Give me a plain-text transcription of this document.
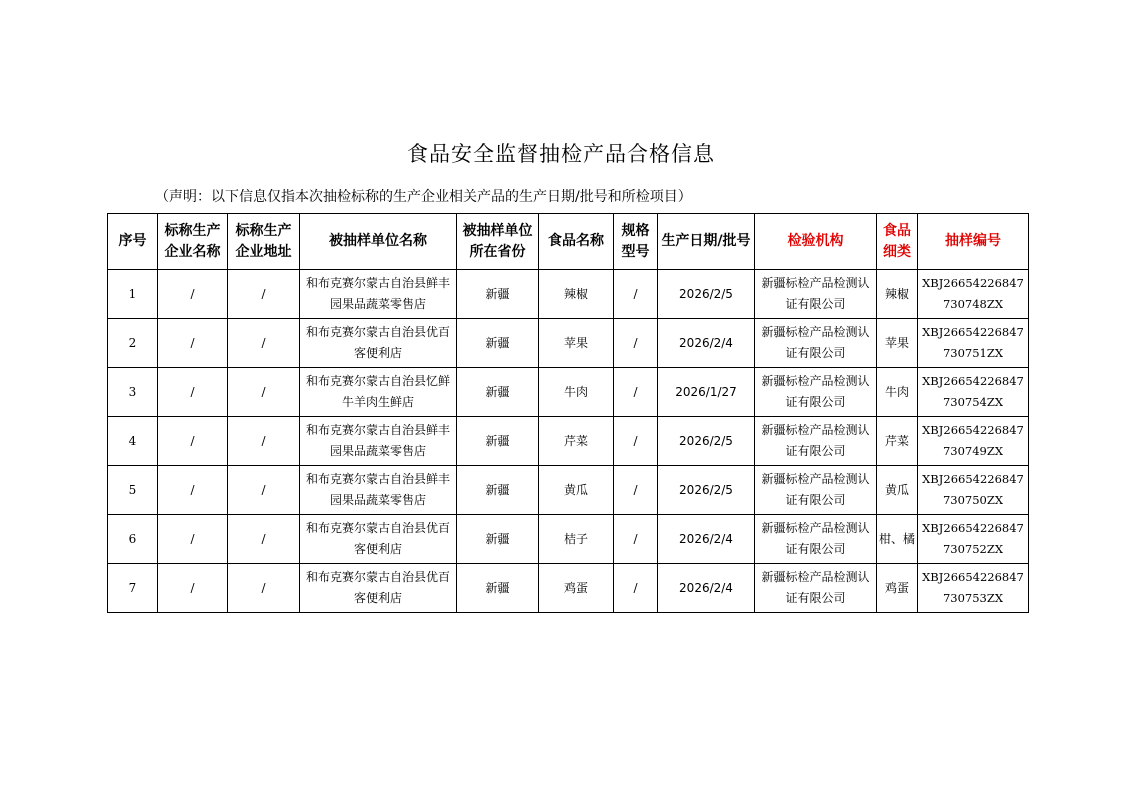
食品安全监督抽检产品合格信息
（声明：以下信息仅指本次抽检标称的生产企业相关产品的生产日期/批号和所检项目）
序号	标称生产企业名称	标称生产企业地址	被抽样单位名称	被抽样单位所在省份	食品名称	规格型号	生产日期/批号	检验机构	食品细类	抽样编号
1	/	/	和布克赛尔蒙古自治县鲜丰园果品蔬菜零售店	新疆	辣椒	/	2026/2/5	新疆标检产品检测认证有限公司	辣椒	XBJ26654226847730748ZX
2	/	/	和布克赛尔蒙古自治县优百客便利店	新疆	苹果	/	2026/2/4	新疆标检产品检测认证有限公司	苹果	XBJ26654226847730751ZX
3	/	/	和布克赛尔蒙古自治县忆鲜牛羊肉生鲜店	新疆	牛肉	/	2026/1/27	新疆标检产品检测认证有限公司	牛肉	XBJ26654226847730754ZX
4	/	/	和布克赛尔蒙古自治县鲜丰园果品蔬菜零售店	新疆	芹菜	/	2026/2/5	新疆标检产品检测认证有限公司	芹菜	XBJ26654226847730749ZX
5	/	/	和布克赛尔蒙古自治县鲜丰园果品蔬菜零售店	新疆	黄瓜	/	2026/2/5	新疆标检产品检测认证有限公司	黄瓜	XBJ26654226847730750ZX
6	/	/	和布克赛尔蒙古自治县优百客便利店	新疆	桔子	/	2026/2/4	新疆标检产品检测认证有限公司	柑、橘	XBJ26654226847730752ZX
7	/	/	和布克赛尔蒙古自治县优百客便利店	新疆	鸡蛋	/	2026/2/4	新疆标检产品检测认证有限公司	鸡蛋	XBJ26654226847730753ZX
